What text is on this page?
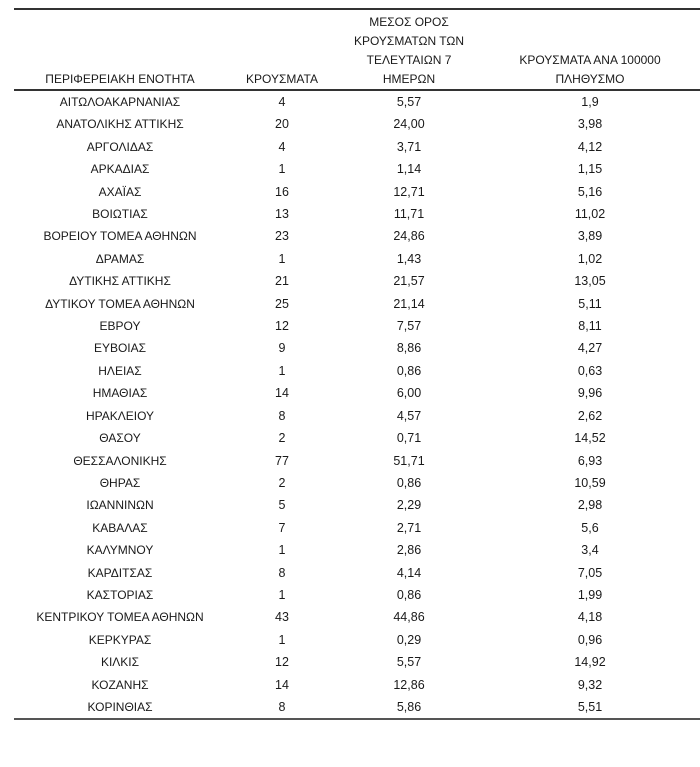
ΠΕΡΙΦΕΡΕΙΑΚΗ ΕΝΟΤΗΤΑ	ΚΡΟΥΣΜΑΤΑ	ΜΕΣΟΣ ΟΡΟΣ
ΚΡΟΥΣΜΑΤΩΝ ΤΩΝ
ΤΕΛΕΥΤΑΙΩΝ 7
ΗΜΕΡΩΝ	ΚΡΟΥΣΜΑΤΑ ΑΝΑ 100000
ΠΛΗΘΥΣΜΟ

ΑΙΤΩΛΟΑΚΑΡΝΑΝΙΑΣ	4	5,57	1,9
ΑΝΑΤΟΛΙΚΗΣ ΑΤΤΙΚΗΣ	20	24,00	3,98
ΑΡΓΟΛΙΔΑΣ	4	3,71	4,12
ΑΡΚΑΔΙΑΣ	1	1,14	1,15
ΑΧΑΪΑΣ	16	12,71	5,16
ΒΟΙΩΤΙΑΣ	13	11,71	11,02
ΒΟΡΕΙΟΥ ΤΟΜΕΑ ΑΘΗΝΩΝ	23	24,86	3,89
ΔΡΑΜΑΣ	1	1,43	1,02
ΔΥΤΙΚΗΣ ΑΤΤΙΚΗΣ	21	21,57	13,05
ΔΥΤΙΚΟΥ ΤΟΜΕΑ ΑΘΗΝΩΝ	25	21,14	5,11
ΕΒΡΟΥ	12	7,57	8,11
ΕΥΒΟΙΑΣ	9	8,86	4,27
ΗΛΕΙΑΣ	1	0,86	0,63
ΗΜΑΘΙΑΣ	14	6,00	9,96
ΗΡΑΚΛΕΙΟΥ	8	4,57	2,62
ΘΑΣΟΥ	2	0,71	14,52
ΘΕΣΣΑΛΟΝΙΚΗΣ	77	51,71	6,93
ΘΗΡΑΣ	2	0,86	10,59
ΙΩΑΝΝΙΝΩΝ	5	2,29	2,98
ΚΑΒΑΛΑΣ	7	2,71	5,6
ΚΑΛΥΜΝΟΥ	1	2,86	3,4
ΚΑΡΔΙΤΣΑΣ	8	4,14	7,05
ΚΑΣΤΟΡΙΑΣ	1	0,86	1,99
ΚΕΝΤΡΙΚΟΥ ΤΟΜΕΑ ΑΘΗΝΩΝ	43	44,86	4,18
ΚΕΡΚΥΡΑΣ	1	0,29	0,96
ΚΙΛΚΙΣ	12	5,57	14,92
ΚΟΖΑΝΗΣ	14	12,86	9,32
ΚΟΡΙΝΘΙΑΣ	8	5,86	5,51
